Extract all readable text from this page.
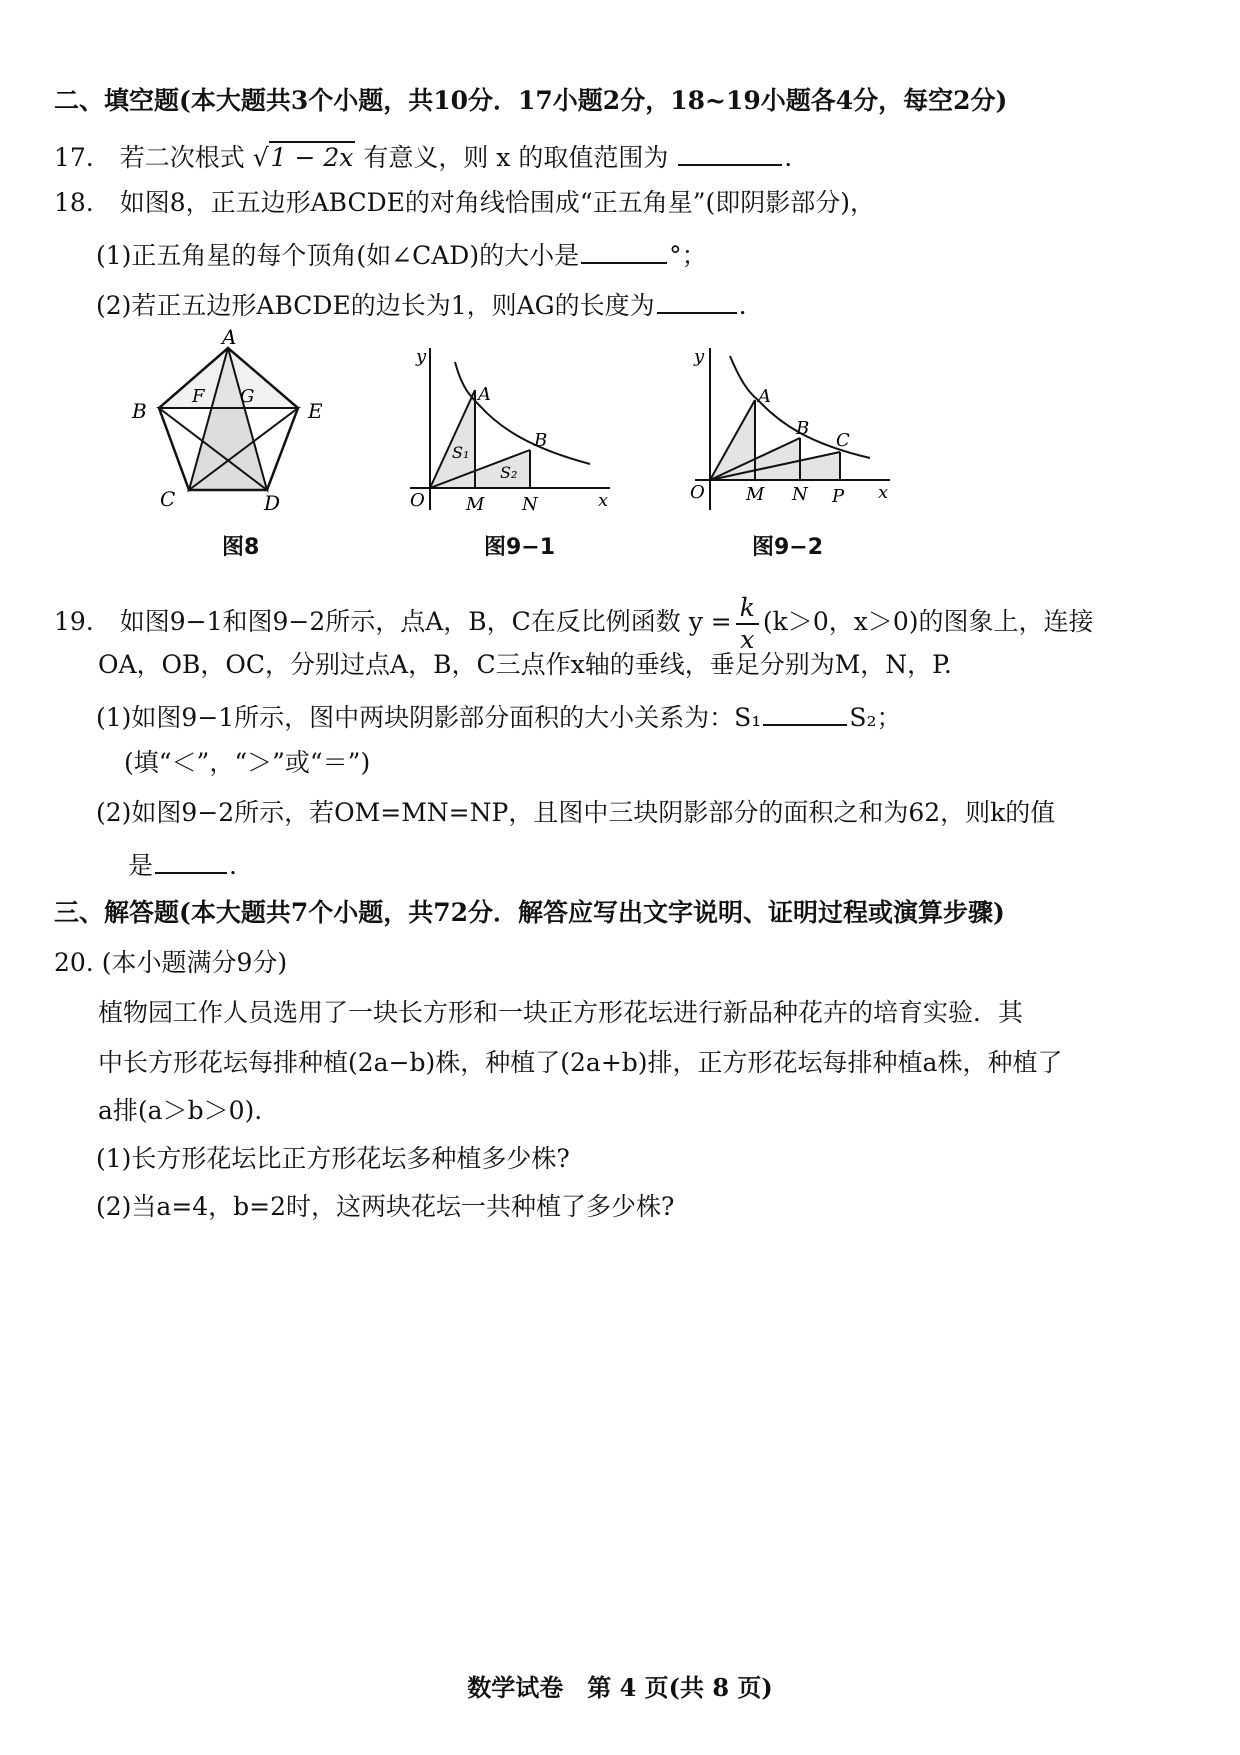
二、填空题(本大题共3个小题，共10分．17小题2分，18~19小题各4分，每空2分)
17. 若二次根式 √1 − 2x 有意义，则 x 的取值范围为	.
18. 如图8，正五边形ABCDE的对角线恰围成“正五角星”(即阴影部分)，
(1)正五角星的每个顶角(如∠CAD)的大小是	°；
(2)若正五边形ABCDE的边长为1，则AG的长度为	.
A
B
C	D
E
F G
图8
y
O	x
A
B
M N
S₁
S₂
图9−1
y
O	x
A
B
C
M N P
图9−2
19. 如图9−1和图9−2所示，点A，B，C在反比例函数 $y = \frac{k}{x} (k>0$，x＞0)的图象上，连接
OA，OB，OC，分别过点A，B，C三点作x轴的垂线，垂足分别为M，N，P.
(1)如图9−1所示，图中两块阴影部分面积的大小关系为：S₁	S₂；
(填“＜”，“＞”或“＝”)
(2)如图9−2所示，若OM=MN=NP，且图中三块阴影部分的面积之和为62，则k的值
是	.
三、解答题(本大题共7个小题，共72分．解答应写出文字说明、证明过程或演算步骤)
20. (本小题满分9分)
植物园工作人员选用了一块长方形和一块正方形花坛进行新品种花卉的培育实验．其
中长方形花坛每排种植(2a−b)株，种植了(2a+b)排，正方形花坛每排种植a株，种植了
a排(a＞b＞0).
(1)长方形花坛比正方形花坛多种植多少株?
(2)当a=4，b=2时，这两块花坛一共种植了多少株?
数学试卷　第 4 页(共 8 页)
